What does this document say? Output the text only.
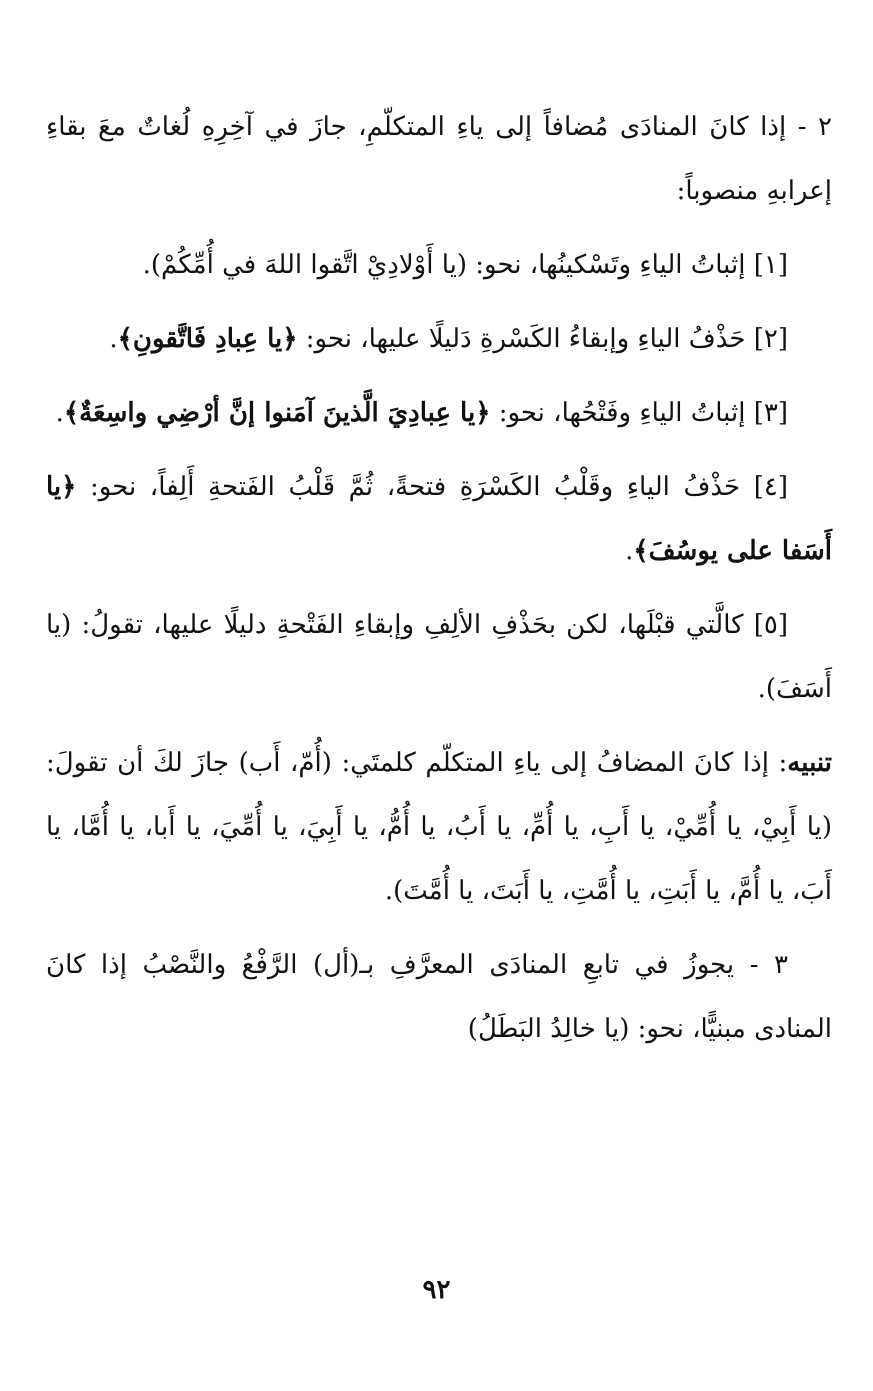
٢ - إذا كانَ المنادَى مُضافاً إلى ياءِ المتكلّمِ، جازَ في آخِرِهِ لُغاتٌ معَ بقاءِ إعرابهِ منصوباً:

[١] إثباتُ الياءِ وتَسْكينُها، نحو: (يا أَوْلادِيْ اتَّقوا اللهَ في أُمِّكُمْ).

[٢] حَذْفُ الياءِ وإبقاءُ الكَسْرةِ دَليلًا عليها، نحو: ﴿يا عِبادِ فَاتَّقونِ﴾.

[٣] إثباتُ الياءِ وفَتْحُها، نحو: ﴿يا عِبادِيَ الَّذينَ آمَنوا إنَّ أرْضِي واسِعَةٌ﴾.

[٤] حَذْفُ الياءِ وقَلْبُ الكَسْرَةِ فتحةً، ثُمَّ قَلْبُ الفَتحةِ أَلِفاً، نحو: ﴿يا أَسَفا على يوسُفَ﴾.

[٥] كالَّتي قبْلَها، لكن بحَذْفِ الألِفِ وإبقاءِ الفَتْحةِ دليلًا عليها، تقولُ: (يا أَسَفَ).

تنبيه: إذا كانَ المضافُ إلى ياءِ المتكلّم كلمتَي: (أُمّ، أَب) جازَ لكَ أن تقولَ: (يا أَبِيْ، يا أُمِّيْ، يا أَبِ، يا أُمِّ، يا أَبُ، يا أُمُّ، يا أَبِيَ، يا أُمِّيَ، يا أَبا، يا أُمَّا، يا أَبَ، يا أُمَّ، يا أَبَتِ، يا أُمَّتِ، يا أَبَتَ، يا أُمَّتَ).

٣ - يجوزُ في تابعِ المنادَى المعرَّفِ بـ(أل) الرَّفْعُ والنَّصْبُ إذا كانَ المنادى مبنيًّا، نحو: (يا خالِدُ البَطَلُ)

٩٢
